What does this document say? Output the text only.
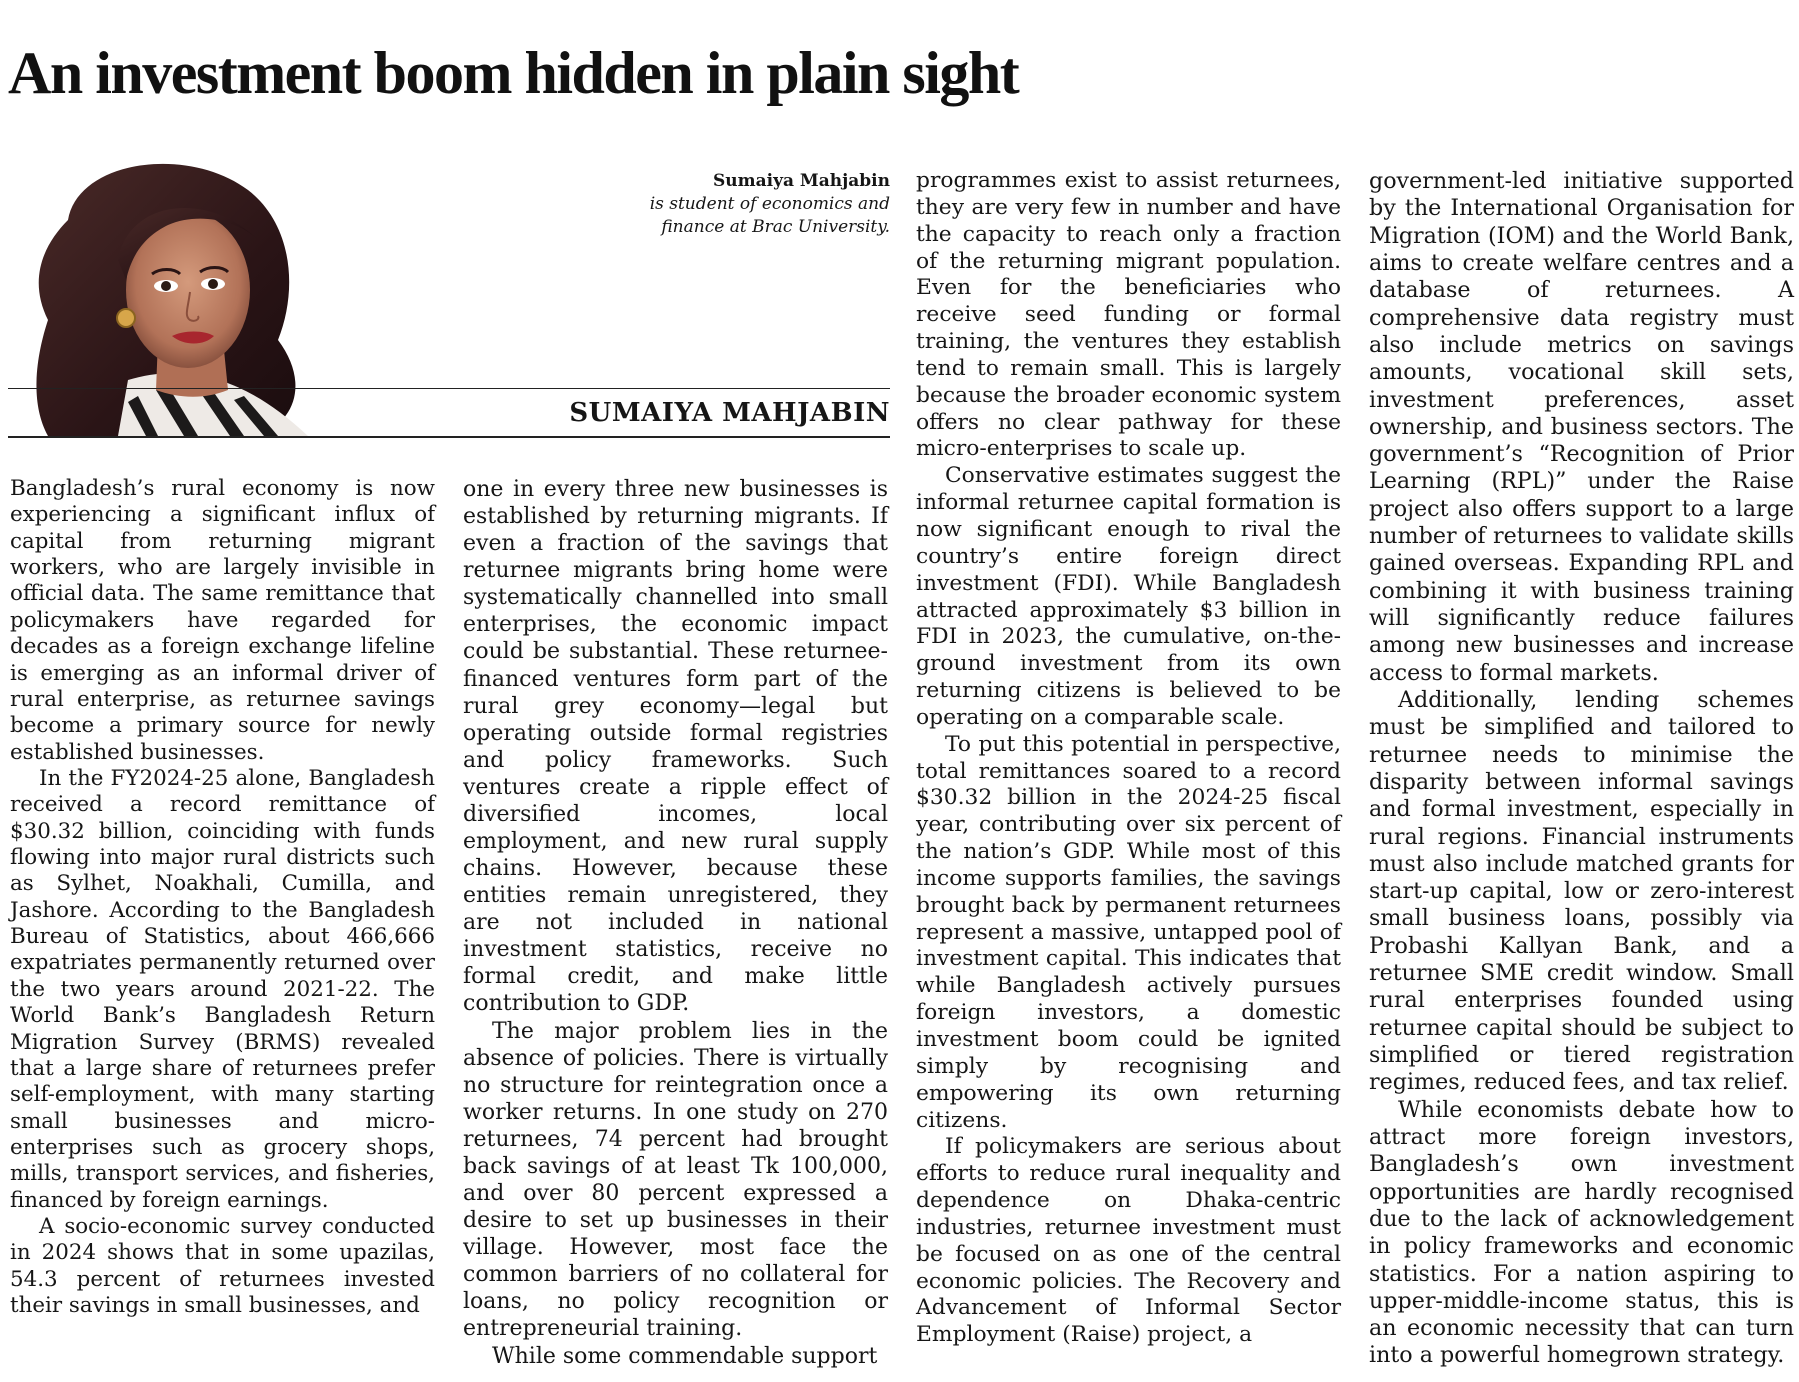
An investment boom hidden in plain sight
Sumaiya Mahjabin
is student of economics and
finance at Brac University.
SUMAIYA MAHJABIN

Bangladesh’s rural economy is now experiencing a significant influx of capital from returning migrant workers, who are largely invisible in official data. The same remittance that policymakers have regarded for decades as a foreign exchange lifeline is emerging as an informal driver of rural enterprise, as returnee savings become a primary source for newly established businesses.

In the FY2024-25 alone, Bangladesh received a record remittance of $30.32 billion, coinciding with funds flowing into major rural districts such as Sylhet, Noakhali, Cumilla, and Jashore. According to the Bangladesh Bureau of Statistics, about 466,666 expatriates permanently returned over the two years around 2021-22. The World Bank’s Bangladesh Return Migration Survey (BRMS) revealed that a large share of returnees prefer self-employment, with many starting small businesses and micro-enterprises such as grocery shops, mills, transport services, and fisheries, financed by foreign earnings.

A socio-economic survey conducted in 2024 shows that in some upazilas, 54.3 percent of returnees invested their savings in small businesses, and

one in every three new businesses is established by returning migrants. If even a fraction of the savings that returnee migrants bring home were systematically channelled into small enterprises, the economic impact could be substantial. These returnee-financed ventures form part of the rural grey economy—legal but operating outside formal registries and policy frameworks. Such ventures create a ripple effect of diversified incomes, local employment, and new rural supply chains. However, because these entities remain unregistered, they are not included in national investment statistics, receive no formal credit, and make little contribution to GDP.

The major problem lies in the absence of policies. There is virtually no structure for reintegration once a worker returns. In one study on 270 returnees, 74 percent had brought back savings of at least Tk 100,000, and over 80 percent expressed a desire to set up businesses in their village. However, most face the common barriers of no collateral for loans, no policy recognition or entrepreneurial training.

While some commendable support

programmes exist to assist returnees, they are very few in number and have the capacity to reach only a fraction of the returning migrant population. Even for the beneficiaries who receive seed funding or formal training, the ventures they establish tend to remain small. This is largely because the broader economic system offers no clear pathway for these micro-enterprises to scale up.

Conservative estimates suggest the informal returnee capital formation is now significant enough to rival the country’s entire foreign direct investment (FDI). While Bangladesh attracted approximately $3 billion in FDI in 2023, the cumulative, on-the-ground investment from its own returning citizens is believed to be operating on a comparable scale.

To put this potential in perspective, total remittances soared to a record $30.32 billion in the 2024-25 fiscal year, contributing over six percent of the nation’s GDP. While most of this income supports families, the savings brought back by permanent returnees represent a massive, untapped pool of investment capital. This indicates that while Bangladesh actively pursues foreign investors, a domestic investment boom could be ignited simply by recognising and empowering its own returning citizens.

If policymakers are serious about efforts to reduce rural inequality and dependence on Dhaka-centric industries, returnee investment must be focused on as one of the central economic policies. The Recovery and Advancement of Informal Sector Employment (Raise) project, a

government-led initiative supported by the International Organisation for Migration (IOM) and the World Bank, aims to create welfare centres and a database of returnees. A comprehensive data registry must also include metrics on savings amounts, vocational skill sets, investment preferences, asset ownership, and business sectors. The government’s “Recognition of Prior Learning (RPL)” under the Raise project also offers support to a large number of returnees to validate skills gained overseas. Expanding RPL and combining it with business training will significantly reduce failures among new businesses and increase access to formal markets.

Additionally, lending schemes must be simplified and tailored to returnee needs to minimise the disparity between informal savings and formal investment, especially in rural regions. Financial instruments must also include matched grants for start-up capital, low or zero-interest small business loans, possibly via Probashi Kallyan Bank, and a returnee SME credit window. Small rural enterprises founded using returnee capital should be subject to simplified or tiered registration regimes, reduced fees, and tax relief.

While economists debate how to attract more foreign investors, Bangladesh’s own investment opportunities are hardly recognised due to the lack of acknowledgement in policy frameworks and economic statistics. For a nation aspiring to upper-middle-income status, this is an economic necessity that can turn into a powerful homegrown strategy.
